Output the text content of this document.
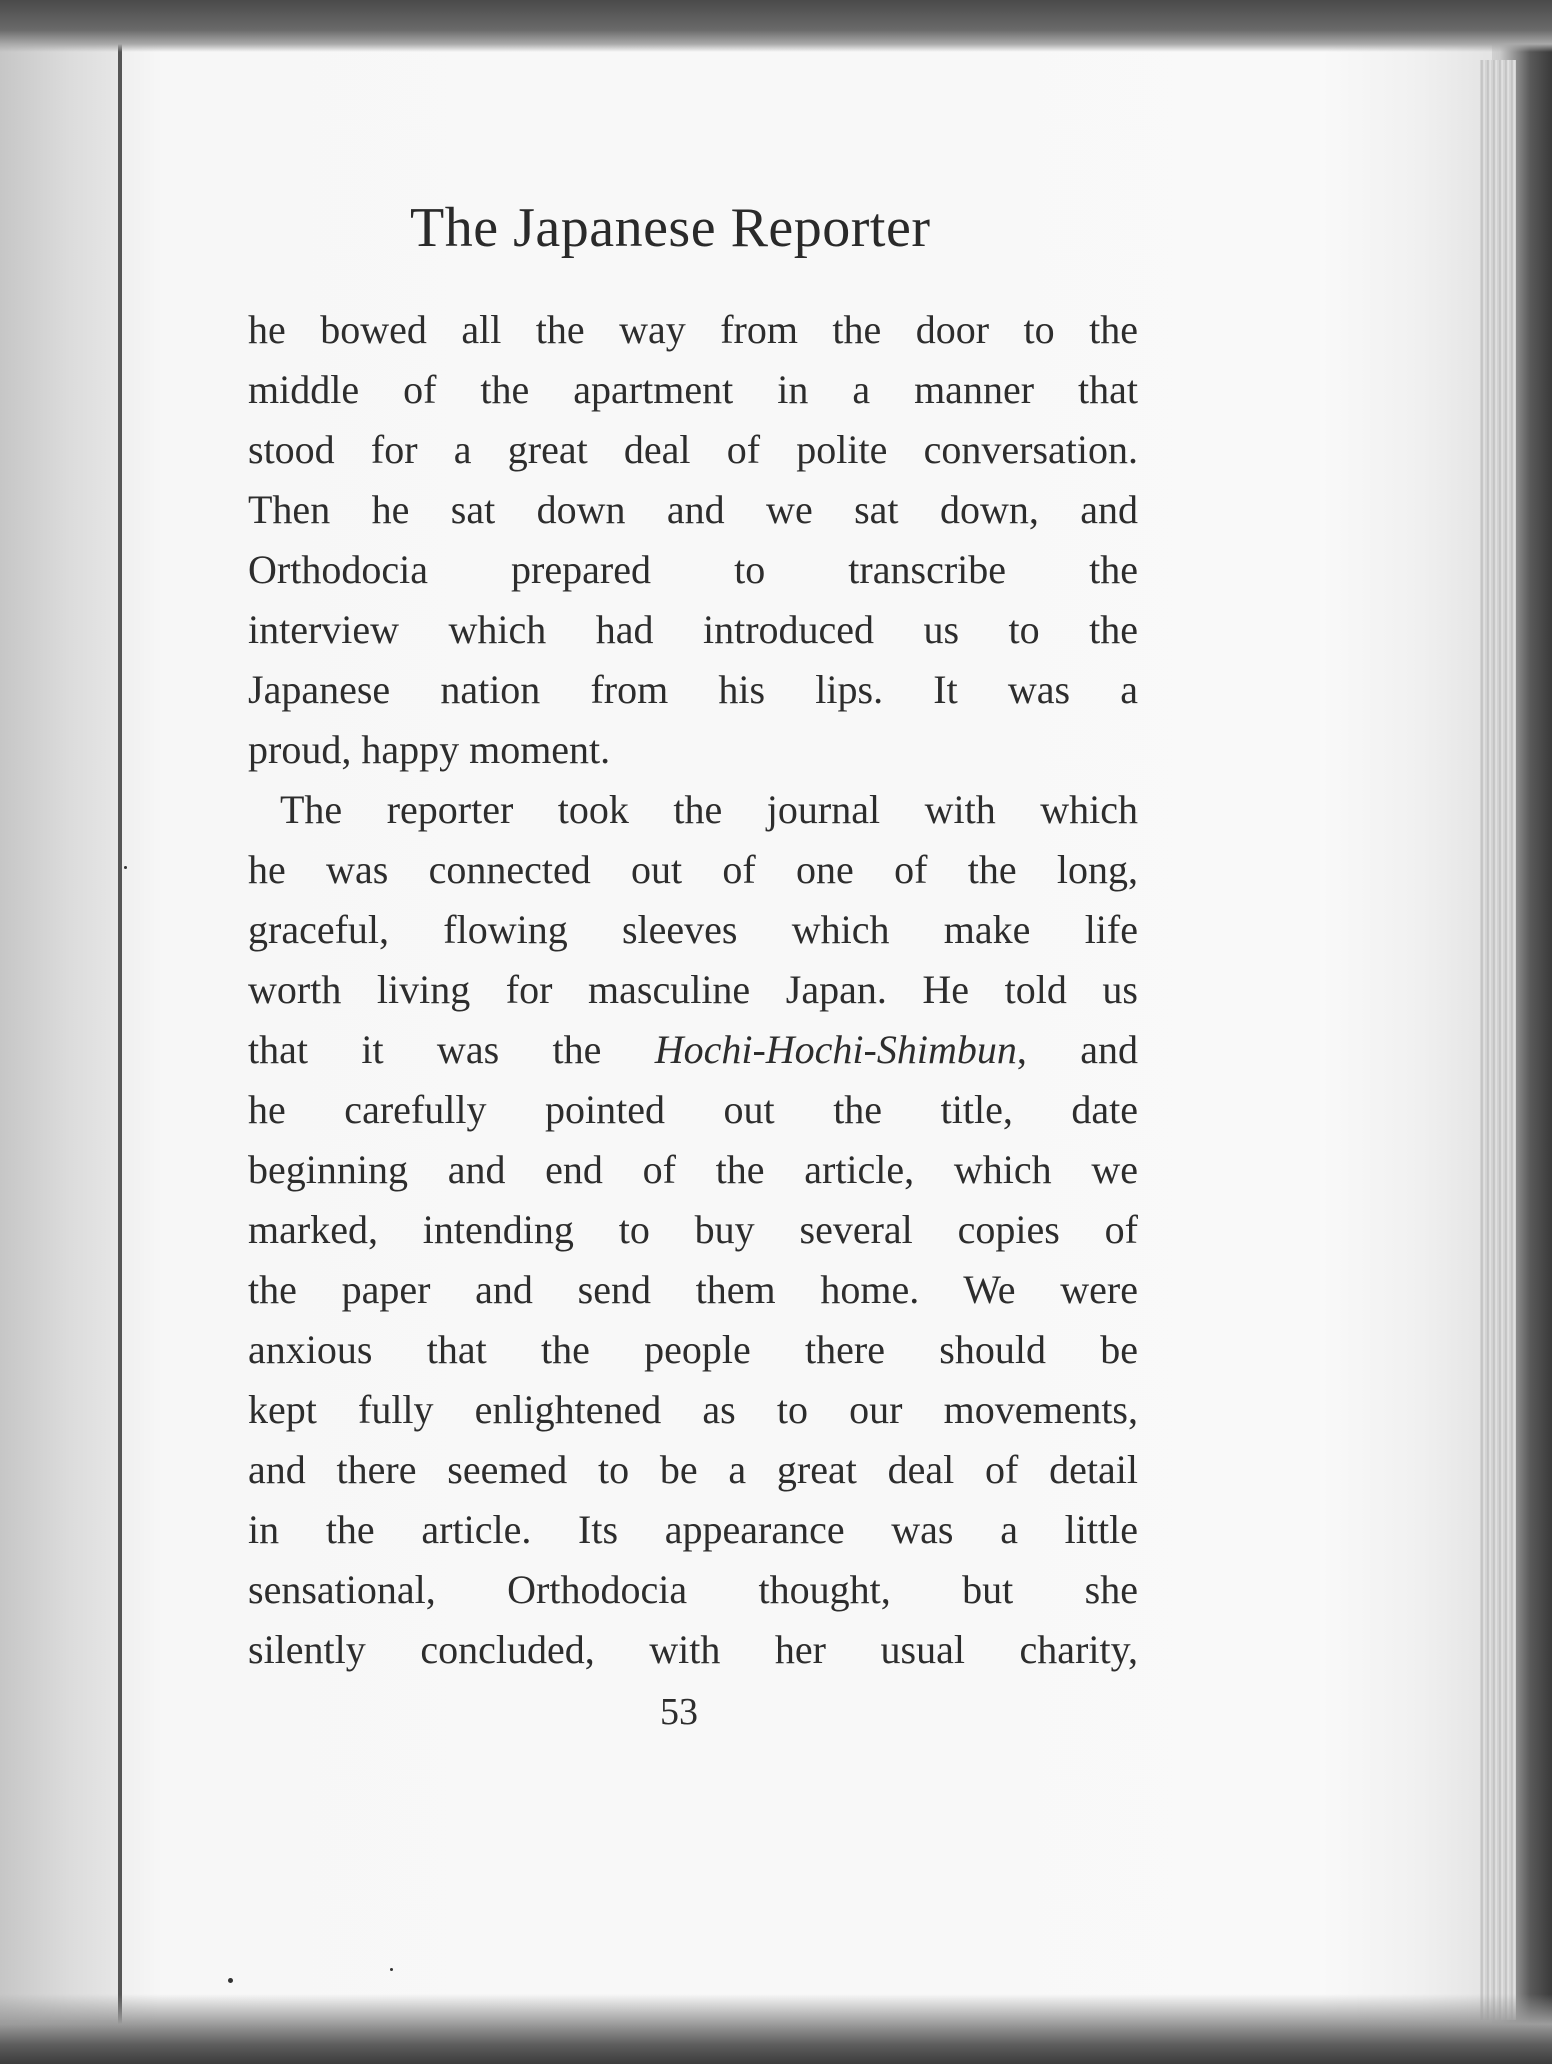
The Japanese Reporter
he bowed all the way from the door to the
middle of the apartment in a manner that
stood for a great deal of polite conversation.
Then he sat down and we sat down, and
Orthodocia prepared to transcribe the
interview which had introduced us to the
Japanese nation from his lips. It was a
proud, happy moment.
The reporter took the journal with which
he was connected out of one of the long,
graceful, flowing sleeves which make life
worth living for masculine Japan. He told us
that it was the Hochi-Hochi-Shimbun, and
he carefully pointed out the title, date
beginning and end of the article, which we
marked, intending to buy several copies of
the paper and send them home. We were
anxious that the people there should be
kept fully enlightened as to our movements,
and there seemed to be a great deal of detail
in the article. Its appearance was a little
sensational, Orthodocia thought, but she
silently concluded, with her usual charity,
53
